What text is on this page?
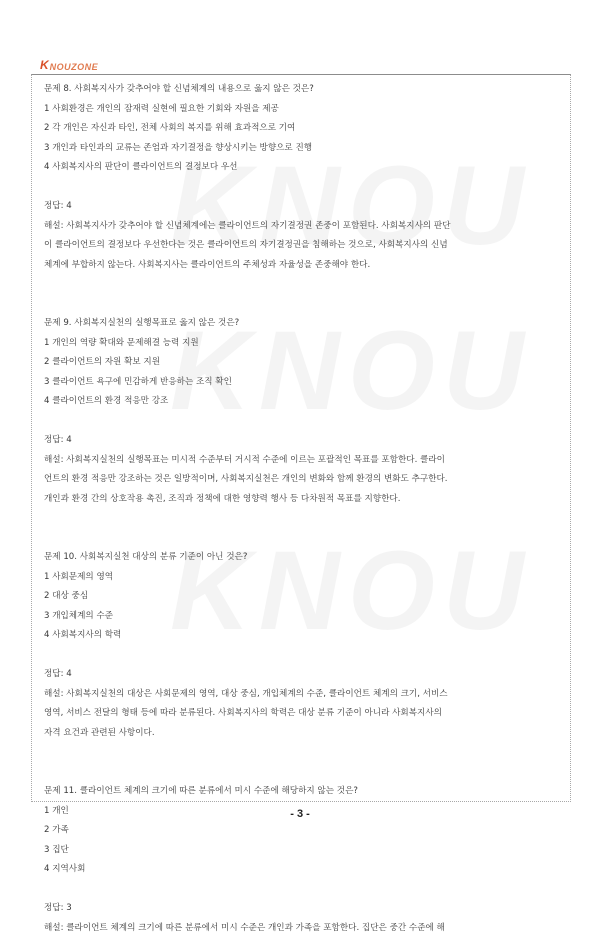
K NOUZONE
문제 8. 사회복지사가 갖추어야 할 신념체계의 내용으로 옳지 않은 것은?
1 사회환경은 개인의 잠재력 실현에 필요한 기회와 자원을 제공
2 각 개인은 자신과 타인, 전체 사회의 복지를 위해 효과적으로 기여
3 개인과 타인과의 교류는 존엄과 자기결정을 향상시키는 방향으로 진행
4 사회복지사의 판단이 클라이언트의 결정보다 우선
정답: 4
해설: 사회복지사가 갖추어야 할 신념체계에는 클라이언트의 자기결정권 존중이 포함된다. 사회복지사의 판단
이 클라이언트의 결정보다 우선한다는 것은 클라이언트의 자기결정권을 침해하는 것으로, 사회복지사의 신념
체계에 부합하지 않는다. 사회복지사는 클라이언트의 주체성과 자율성을 존중해야 한다.
문제 9. 사회복지실천의 실행목표로 옳지 않은 것은?
1 개인의 역량 확대와 문제해결 능력 지원
2 클라이언트의 자원 확보 지원
3 클라이언트 욕구에 민감하게 반응하는 조직 확인
4 클라이언트의 환경 적응만 강조
정답: 4
해설: 사회복지실천의 실행목표는 미시적 수준부터 거시적 수준에 이르는 포괄적인 목표를 포함한다. 클라이
언트의 환경 적응만 강조하는 것은 일방적이며, 사회복지실천은 개인의 변화와 함께 환경의 변화도 추구한다.
개인과 환경 간의 상호작용 촉진, 조직과 정책에 대한 영향력 행사 등 다차원적 목표를 지향한다.
문제 10. 사회복지실천 대상의 분류 기준이 아닌 것은?
1 사회문제의 영역
2 대상 중심
3 개입체계의 수준
4 사회복지사의 학력
정답: 4
해설: 사회복지실천의 대상은 사회문제의 영역, 대상 중심, 개입체계의 수준, 클라이언트 체계의 크기, 서비스
영역, 서비스 전달의 형태 등에 따라 분류된다. 사회복지사의 학력은 대상 분류 기준이 아니라 사회복지사의
자격 요건과 관련된 사항이다.
문제 11. 클라이언트 체계의 크기에 따른 분류에서 미시 수준에 해당하지 않는 것은?
1 개인
2 가족
3 집단
4 지역사회
정답: 3
해설: 클라이언트 체계의 크기에 따른 분류에서 미시 수준은 개인과 가족을 포함한다. 집단은 중간 수준에 해
- 3 -
